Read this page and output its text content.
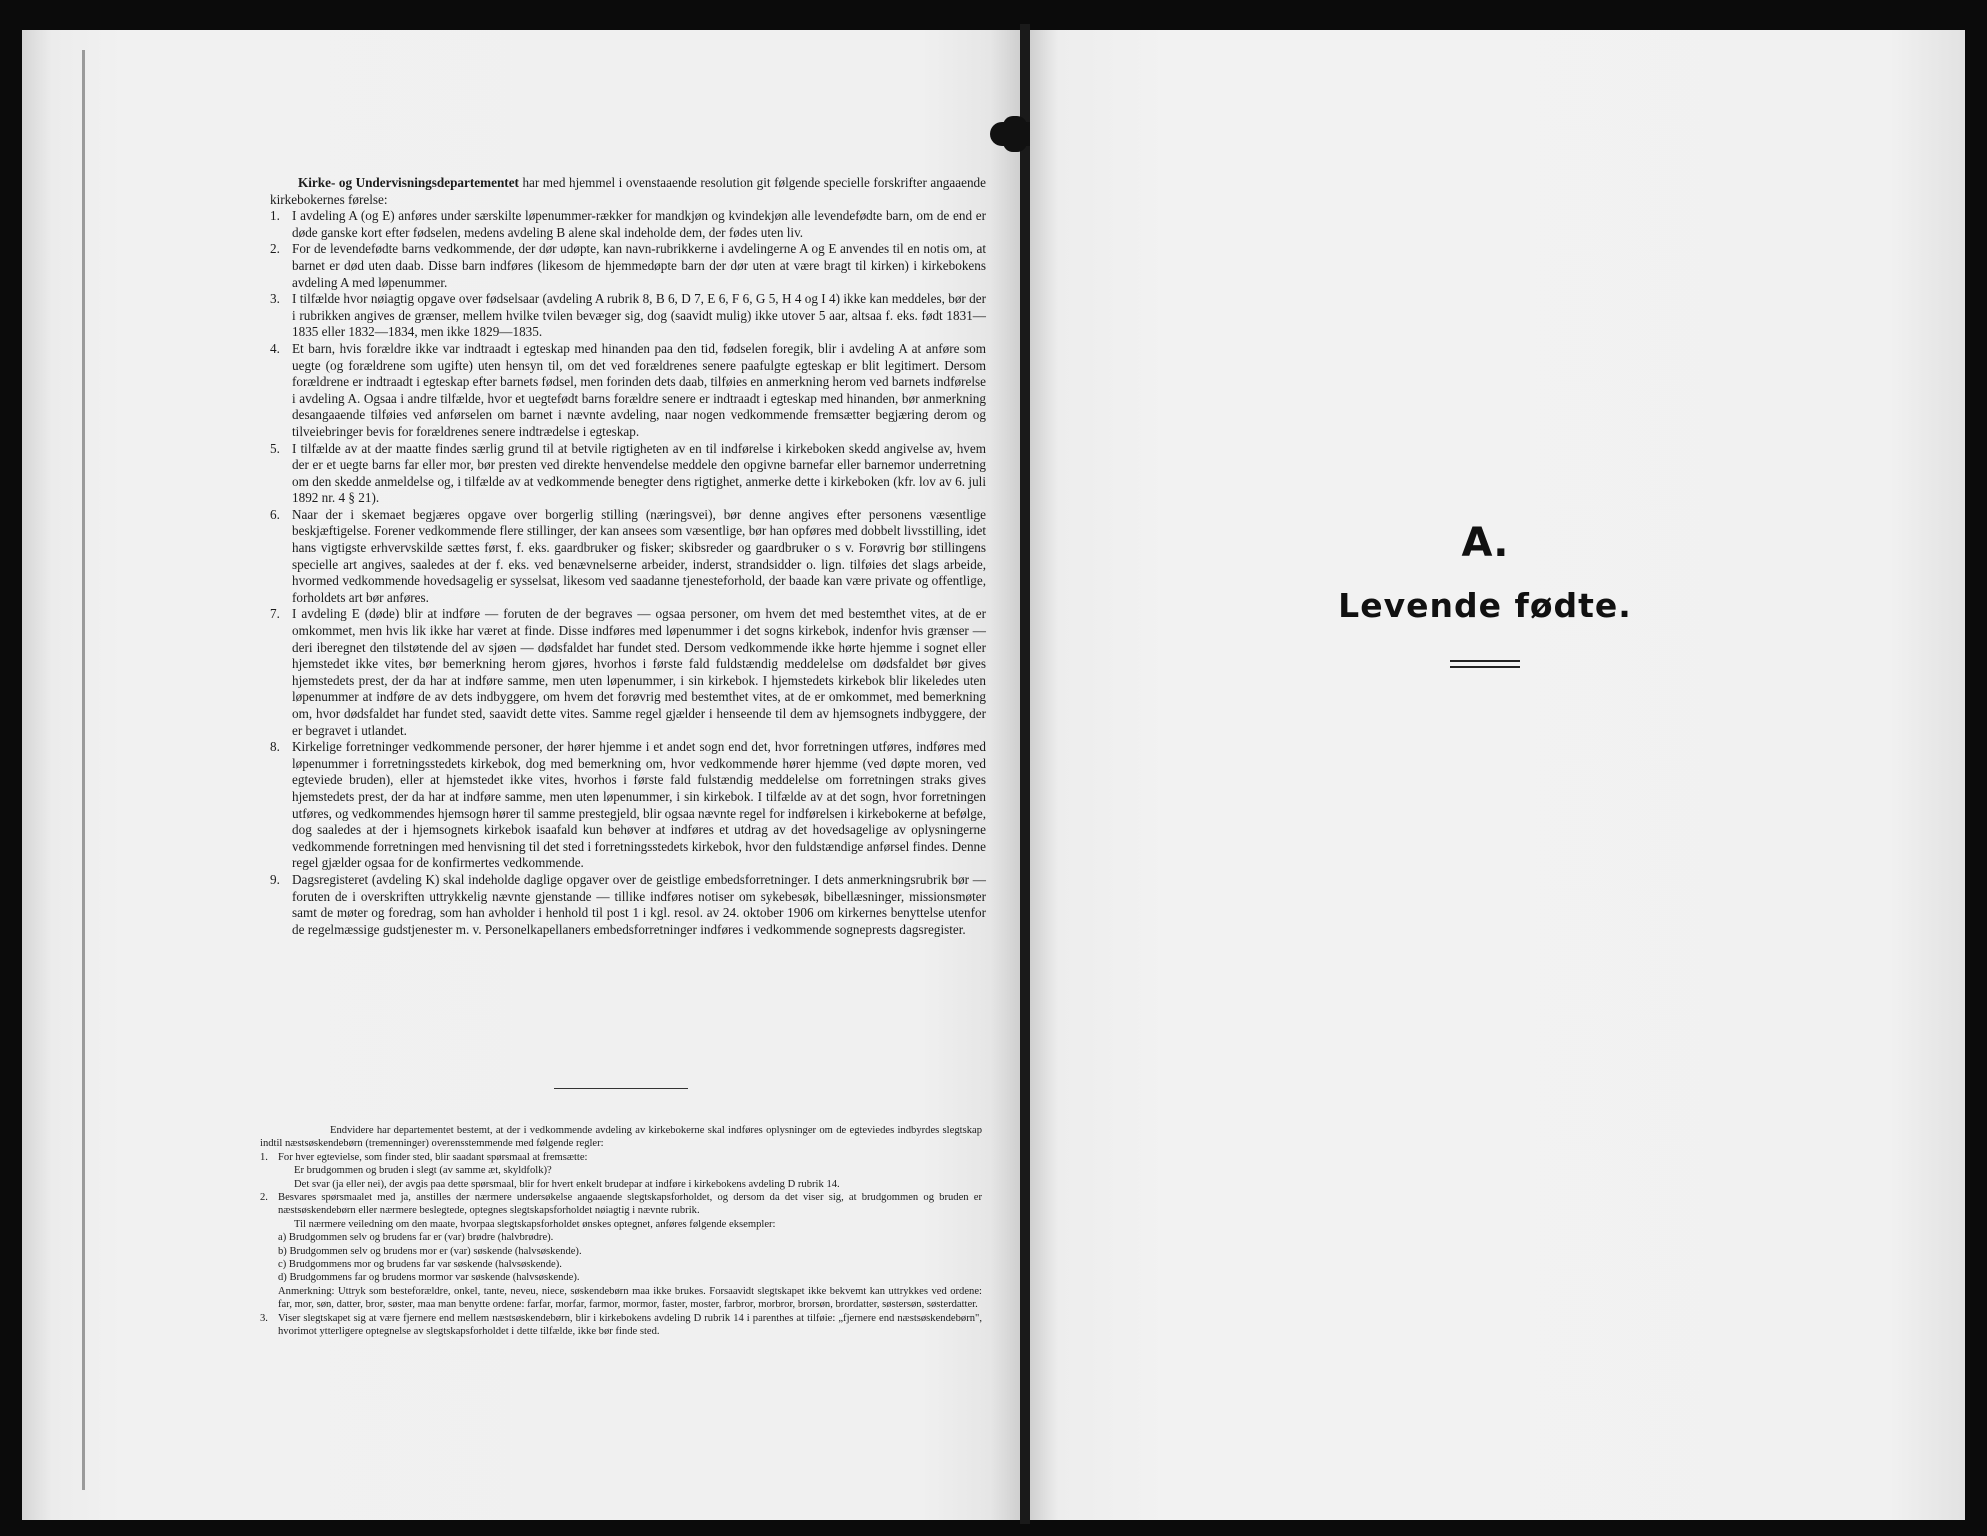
Kirke- og Undervisningsdepartementet har med hjemmel i ovenstaaende resolution git følgende specielle forskrifter angaaende kirkebokernes førelse:

1. I avdeling A (og E) anføres under særskilte løpenummer-rækker for mandkjøn og kvindekjøn alle levendefødte barn, om de end er døde ganske kort efter fødselen, medens avdeling B alene skal indeholde dem, der fødes uten liv.

2. For de levendefødte barns vedkommende, der dør udøpte, kan navn-rubrikkerne i avdelingerne A og E anvendes til en notis om, at barnet er død uten daab. Disse barn indføres (likesom de hjemmedøpte barn der dør uten at være bragt til kirken) i kirkebokens avdeling A med løpenummer.

3. I tilfælde hvor nøiagtig opgave over fødselsaar (avdeling A rubrik 8, B 6, D 7, E 6, F 6, G 5, H 4 og I 4) ikke kan meddeles, bør der i rubrikken angives de grænser, mellem hvilke tvilen bevæger sig, dog (saavidt mulig) ikke utover 5 aar, altsaa f. eks. født 1831—1835 eller 1832—1834, men ikke 1829—1835.

4. Et barn, hvis forældre ikke var indtraadt i egteskap med hinanden paa den tid, fødselen foregik, blir i avdeling A at anføre som uegte (og forældrene som ugifte) uten hensyn til, om det ved forældrenes senere paafulgte egteskap er blit legitimert. Dersom forældrene er indtraadt i egteskap efter barnets fødsel, men forinden dets daab, tilføies en anmerkning herom ved barnets indførelse i avdeling A. Ogsaa i andre tilfælde, hvor et uegtefødt barns forældre senere er indtraadt i egteskap med hinanden, bør anmerkning desangaaende tilføies ved anførselen om barnet i nævnte avdeling, naar nogen vedkommende fremsætter begjæring derom og tilveiebringer bevis for forældrenes senere indtrædelse i egteskap.

5. I tilfælde av at der maatte findes særlig grund til at betvile rigtigheten av en til indførelse i kirkeboken skedd angivelse av, hvem der er et uegte barns far eller mor, bør presten ved direkte henvendelse meddele den opgivne barnefar eller barnemor underretning om den skedde anmeldelse og, i tilfælde av at vedkommende benegter dens rigtighet, anmerke dette i kirkeboken (kfr. lov av 6. juli 1892 nr. 4 § 21).

6. Naar der i skemaet begjæres opgave over borgerlig stilling (næringsvei), bør denne angives efter personens væsentlige beskjæftigelse. Forener vedkommende flere stillinger, der kan ansees som væsentlige, bør han opføres med dobbelt livsstilling, idet hans vigtigste erhvervskilde sættes først, f. eks. gaardbruker og fisker; skibsreder og gaardbruker o s v. Forøvrig bør stillingens specielle art angives, saaledes at der f. eks. ved benævnelserne arbeider, inderst, strandsidder o. lign. tilføies det slags arbeide, hvormed vedkommende hovedsagelig er sysselsat, likesom ved saadanne tjenesteforhold, der baade kan være private og offentlige, forholdets art bør anføres.

7. I avdeling E (døde) blir at indføre — foruten de der begraves — ogsaa personer, om hvem det med bestemthet vites, at de er omkommet, men hvis lik ikke har været at finde. Disse indføres med løpenummer i det sogns kirkebok, indenfor hvis grænser — deri iberegnet den tilstøtende del av sjøen — dødsfaldet har fundet sted. Dersom vedkommende ikke hørte hjemme i sognet eller hjemstedet ikke vites, bør bemerkning herom gjøres, hvorhos i første fald fuldstændig meddelelse om dødsfaldet bør gives hjemstedets prest, der da har at indføre samme, men uten løpenummer, i sin kirkebok. I hjemstedets kirkebok blir likeledes uten løpenummer at indføre de av dets indbyggere, om hvem det forøvrig med bestemthet vites, at de er omkommet, med bemerkning om, hvor dødsfaldet har fundet sted, saavidt dette vites. Samme regel gjælder i henseende til dem av hjemsognets indbyggere, der er begravet i utlandet.

8. Kirkelige forretninger vedkommende personer, der hører hjemme i et andet sogn end det, hvor forretningen utføres, indføres med løpenummer i forretningsstedets kirkebok, dog med bemerkning om, hvor vedkommende hører hjemme (ved døpte moren, ved egteviede bruden), eller at hjemstedet ikke vites, hvorhos i første fald fulstændig meddelelse om forretningen straks gives hjemstedets prest, der da har at indføre samme, men uten løpenummer, i sin kirkebok. I tilfælde av at det sogn, hvor forretningen utføres, og vedkommendes hjemsogn hører til samme prestegjeld, blir ogsaa nævnte regel for indførelsen i kirkebokerne at befølge, dog saaledes at der i hjemsognets kirkebok isaafald kun behøver at indføres et utdrag av det hovedsagelige av oplysningerne vedkommende forretningen med henvisning til det sted i forretningsstedets kirkebok, hvor den fuldstændige anførsel findes. Denne regel gjælder ogsaa for de konfirmertes vedkommende.

9. Dagsregisteret (avdeling K) skal indeholde daglige opgaver over de geistlige embedsforretninger. I dets anmerkningsrubrik bør — foruten de i overskriften uttrykkelig nævnte gjenstande — tillike indføres notiser om sykebesøk, bibellæsninger, missionsmøter samt de møter og foredrag, som han avholder i henhold til post 1 i kgl. resol. av 24. oktober 1906 om kirkernes benyttelse utenfor de regelmæssige gudstjenester m. v. Personelkapellaners embedsforretninger indføres i vedkommende sogneprests dagsregister.

Endvidere har departementet bestemt, at der i vedkommende avdeling av kirkebokerne skal indføres oplysninger om de egteviedes indbyrdes slegtskap indtil næstsøskendebørn (tremenninger) overensstemmende med følgende regler:

1. For hver egtevielse, som finder sted, blir saadant spørsmaal at fremsætte:

Er brudgommen og bruden i slegt (av samme æt, skyldfolk)?

Det svar (ja eller nei), der avgis paa dette spørsmaal, blir for hvert enkelt brudepar at indføre i kirkebokens avdeling D rubrik 14.

2. Besvares spørsmaalet med ja, anstilles der nærmere undersøkelse angaaende slegtskapsforholdet, og dersom da det viser sig, at brudgommen og bruden er næstsøskendebørn eller nærmere beslegtede, optegnes slegtskapsforholdet nøiagtig i nævnte rubrik.

Til nærmere veiledning om den maate, hvorpaa slegtskapsforholdet ønskes optegnet, anføres følgende eksempler:

a) Brudgommen selv og brudens far er (var) brødre (halvbrødre).

b) Brudgommen selv og brudens mor er (var) søskende (halvsøskende).

c) Brudgommens mor og brudens far var søskende (halvsøskende).

d) Brudgommens far og brudens mormor var søskende (halvsøskende).

Anmerkning: Uttryk som besteforældre, onkel, tante, neveu, niece, søskendebørn maa ikke brukes. Forsaavidt slegtskapet ikke bekvemt kan uttrykkes ved ordene: far, mor, søn, datter, bror, søster, maa man benytte ordene: farfar, morfar, farmor, mormor, faster, moster, farbror, morbror, brorsøn, brordatter, søstersøn, søsterdatter.

3. Viser slegtskapet sig at være fjernere end mellem næstsøskendebørn, blir i kirkebokens avdeling D rubrik 14 i parenthes at tilføie: „fjernere end næstsøskendebørn", hvorimot ytterligere optegnelse av slegtskapsforholdet i dette tilfælde, ikke bør finde sted.

A.
Levende fødte.
